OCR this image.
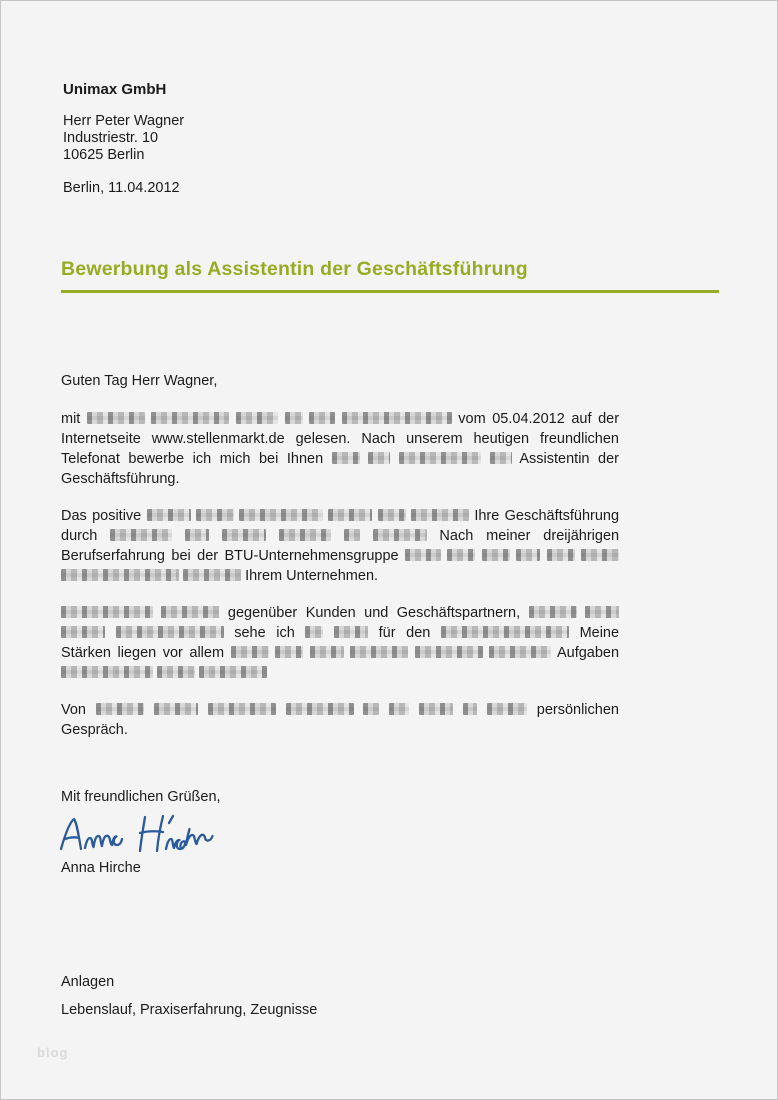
Unimax GmbH
Herr Peter Wagner
Industriestr. 10
10625 Berlin
Berlin, 11.04.2012
Bewerbung als Assistentin der Geschäftsführung
Guten Tag Herr Wagner,
mit	vom 05.04.2012 auf der
Internetseite www.stellenmarkt.de gelesen. Nach unserem heutigen freundlichen
Telefonat bewerbe ich mich bei Ihnen	Assistentin der
Geschäftsführung.
Das positive	Ihre Geschäftsführung
durch	Nach meiner dreijährigen
Berufserfahrung bei der BTU-Unternehmensgruppe
Ihrem Unternehmen.
gegenüber Kunden und Geschäftspartnern,
sehe ich	für den	Meine
Stärken liegen vor allem	Aufgaben

Von	persönlichen
Gespräch.
Mit freundlichen Grüßen,
Anna Hirche
Anlagen
Lebenslauf, Praxiserfahrung, Zeugnisse
blog
